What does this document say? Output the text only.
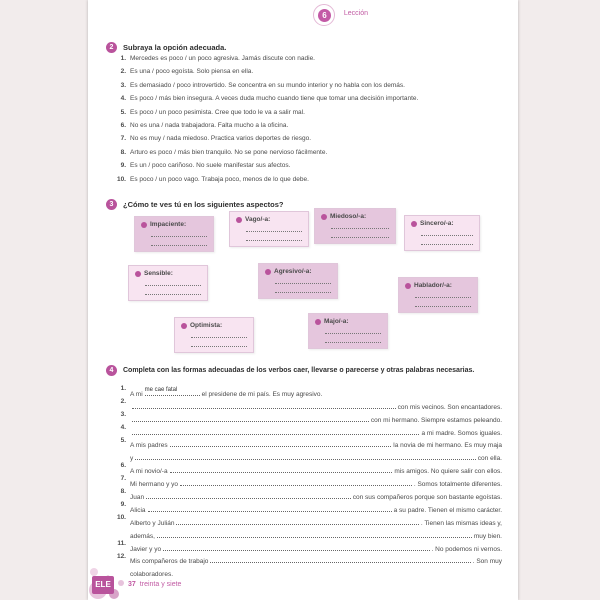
Lección
6
2	Subraya la opción adecuada.
1. Mercedes es poco / un poco agresiva. Jamás discute con nadie.
2. Es una / poco egoísta. Solo piensa en ella.
3. Es demasiado / poco introvertido. Se concentra en su mundo interior y no habla con los demás.
4. Es poco / más bien insegura. A veces duda mucho cuando tiene que tomar una decisión importante.
5. Es poco / un poco pesimista. Cree que todo le va a salir mal.
6. No es una / nada trabajadora. Falta mucho a la oficina.
7. No es muy / nada miedoso. Practica varios deportes de riesgo.
8. Arturo es poco / más bien tranquilo. No se pone nervioso fácilmente.
9. Es un / poco cariñoso. No suele manifestar sus afectos.
10. Es poco / un poco vago. Trabaja poco, menos de lo que debe.
3	¿Cómo te ves tú en los siguientes aspectos?
Impaciente:
Vago/-a:	Miedoso/-a:
Sincero/-a:
Sensible:	Agresivo/-a:
Hablador/-a:
Optimista:
Majo/-a:
4	Completa con las formas adecuadas de los verbos caer, llevarse o parecerse y otras palabras necesarias.
1.
A mi
me cae fatal
el presidene de mi país. Es muy agresivo.
2.
con mis vecinos. Son encantadores.
3.
con mi hermano. Siempre estamos peleando.
4.
a mi madre. Somos iguales.
5.
A mis padres	la novia de mi hermano. Es muy maja
y	con ella.
6.
A mi novio/-a	mis amigos. No quiere salir con ellos.
7.
Mi hermano y yo	. Somos totalmente diferentes.
8.
Juan	con sus compañeros porque son bastante egoístas.
9.
Alicia	a su padre. Tienen el mismo carácter.
10.
Alberto y Julián	. Tienen las mismas ideas y,
además,	muy bien.
11.
Javier y yo	. No podemos ni vernos.
12.
Mis compañeros de trabajo	. Son muy
colaboradores.
ELE	37 treinta y siete
